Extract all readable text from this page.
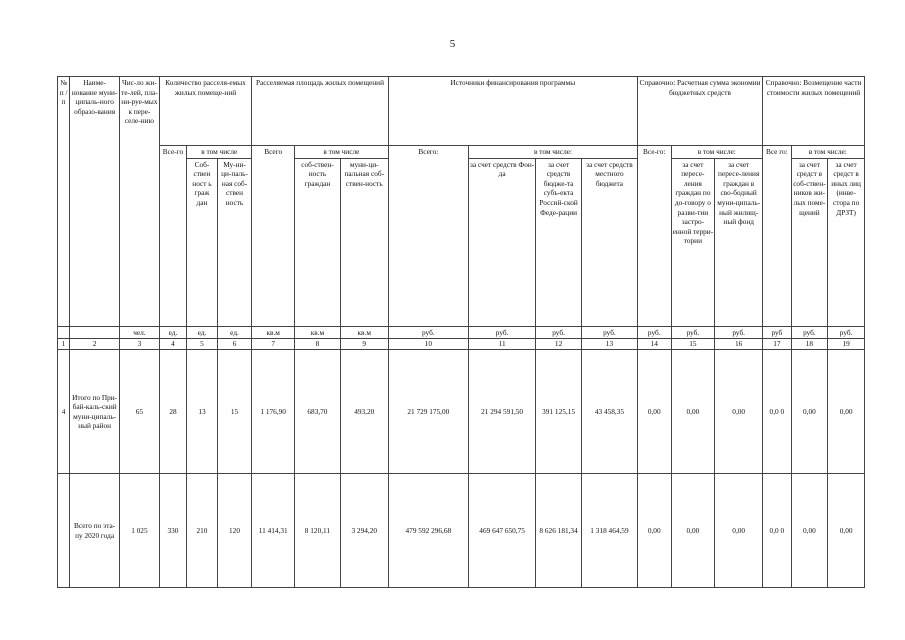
5
№ п / п	Наиме-нование муни-ципаль-ного образо-вания	Чис-ло жи-те-лей, пла-ни-руе-мых к пере-селе-нию	Количество расселя-емых жилых помеще-ний			Расселяемая площадь жилых помещений			Источники финансирования программы				Справочно: Расчетная сумма экономии бюджетных средств			Справочно: Возмещение части стоимости жилых помещений		
			Все-го	в том числе		Всего	в том числе		Всего:	в том числе:			Все-го:	в том числе:		Все го:	в том числе:	
				Соб-ствен ност ь граж дан	Му-ни-ци-паль-ная соб-ствен ность		соб-ствен-ность граждан	муни-ци-пальная соб-ствен-ность		за счет средств Фон-да	за счет средств бюдже-та субъ-екта Россий-ской Феде-рации	за счет средств местного бюджета		за счет пересе-ления граждан по до-говору о разви-тии застро-енной терри-тории	за счет пересе-ления граждан в сво-бодный муни-ципаль-ный жилищ-ный фонд		за счет средст в соб-ствен-ников жи-лых поме-щений	за счет средст в иных лиц (инве-стора по ДРЗТ)
		чел.	ед.	ед.	ед.	кв.м	кв.м	кв.м	руб.	руб.	руб.	руб.	руб.	руб.	руб.	руб	руб.	руб.
1	2	3	4	5	6	7	8	9	10	11	12	13	14	15	16	17	18	19
4	Итого по При-бай-каль-ский муни-ципаль-ный район	65	28	13	15	1 176,90	683,70	493,20	21 729 175,00	21 294 591,50	391 125,15	43 458,35	0,00	0,00	0,00	0,0 0	0,00	0,00
	Всего по эта-пу 2020 года	1 025	330	210	120	11 414,31	8 120,11	3 294,20	479 592 296,68	469 647 650,75	8 626 181,34	1 318 464,59	0,00	0,00	0,00	0,0 0	0,00	0,00
